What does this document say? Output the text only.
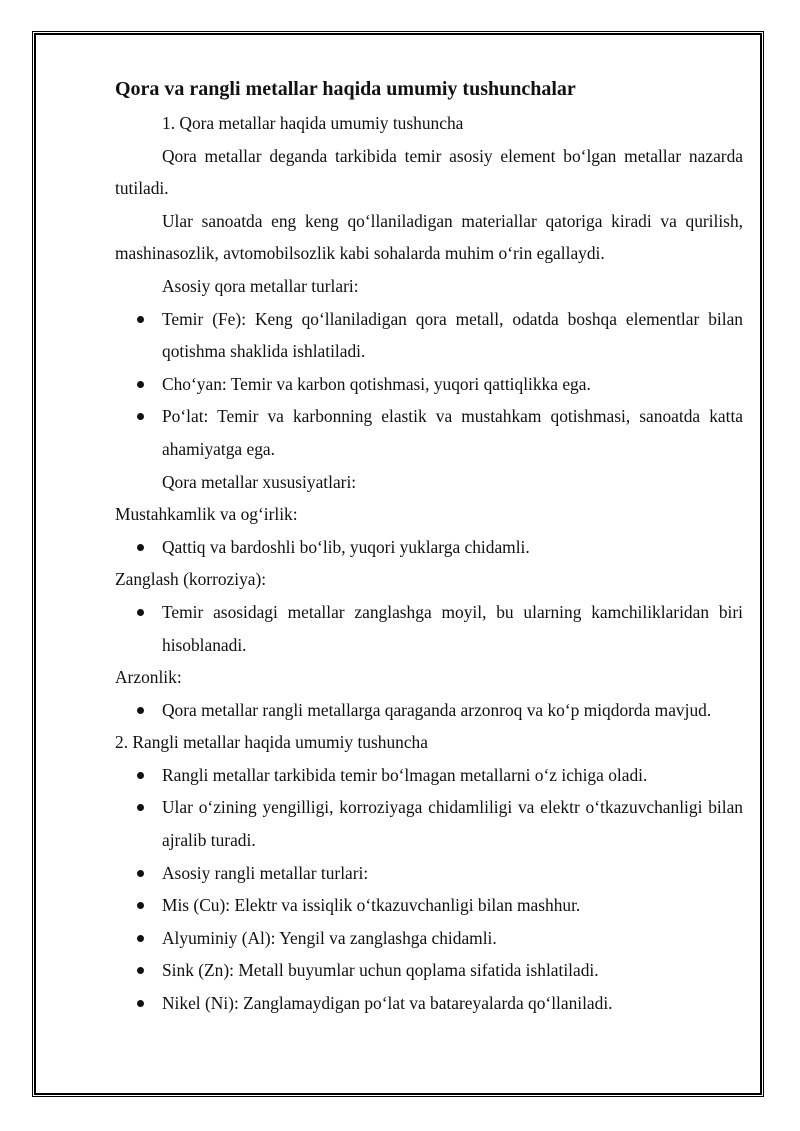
Qora va rangli metallar haqida umumiy tushunchalar
1. Qora metallar haqida umumiy tushuncha
Qora metallar deganda tarkibida temir asosiy element bo‘lgan metallar nazarda tutiladi.
Ular sanoatda eng keng qo‘llaniladigan materiallar qatoriga kiradi va qurilish, mashinasozlik, avtomobilsozlik kabi sohalarda muhim o‘rin egallaydi.
Asosiy qora metallar turlari:
Temir (Fe): Keng qo‘llaniladigan qora metall, odatda boshqa elementlar bilan qotishma shaklida ishlatiladi.
Cho‘yan: Temir va karbon qotishmasi, yuqori qattiqlikka ega.
Po‘lat: Temir va karbonning elastik va mustahkam qotishmasi, sanoatda katta ahamiyatga ega.
Qora metallar xususiyatlari:
Mustahkamlik va og‘irlik:
Qattiq va bardoshli bo‘lib, yuqori yuklarga chidamli.
Zanglash (korroziya):
Temir asosidagi metallar zanglashga moyil, bu ularning kamchiliklaridan biri hisoblanadi.
Arzonlik:
Qora metallar rangli metallarga qaraganda arzonroq va ko‘p miqdorda mavjud.
2. Rangli metallar haqida umumiy tushuncha
Rangli metallar tarkibida temir bo‘lmagan metallarni o‘z ichiga oladi.
Ular o‘zining yengilligi, korroziyaga chidamliligi va elektr o‘tkazuvchanligi bilan ajralib turadi.
Asosiy rangli metallar turlari:
Mis (Cu): Elektr va issiqlik o‘tkazuvchanligi bilan mashhur.
Alyuminiy (Al): Yengil va zanglashga chidamli.
Sink (Zn): Metall buyumlar uchun qoplama sifatida ishlatiladi.
Nikel (Ni): Zanglamaydigan po‘lat va batareyalarda qo‘llaniladi.
